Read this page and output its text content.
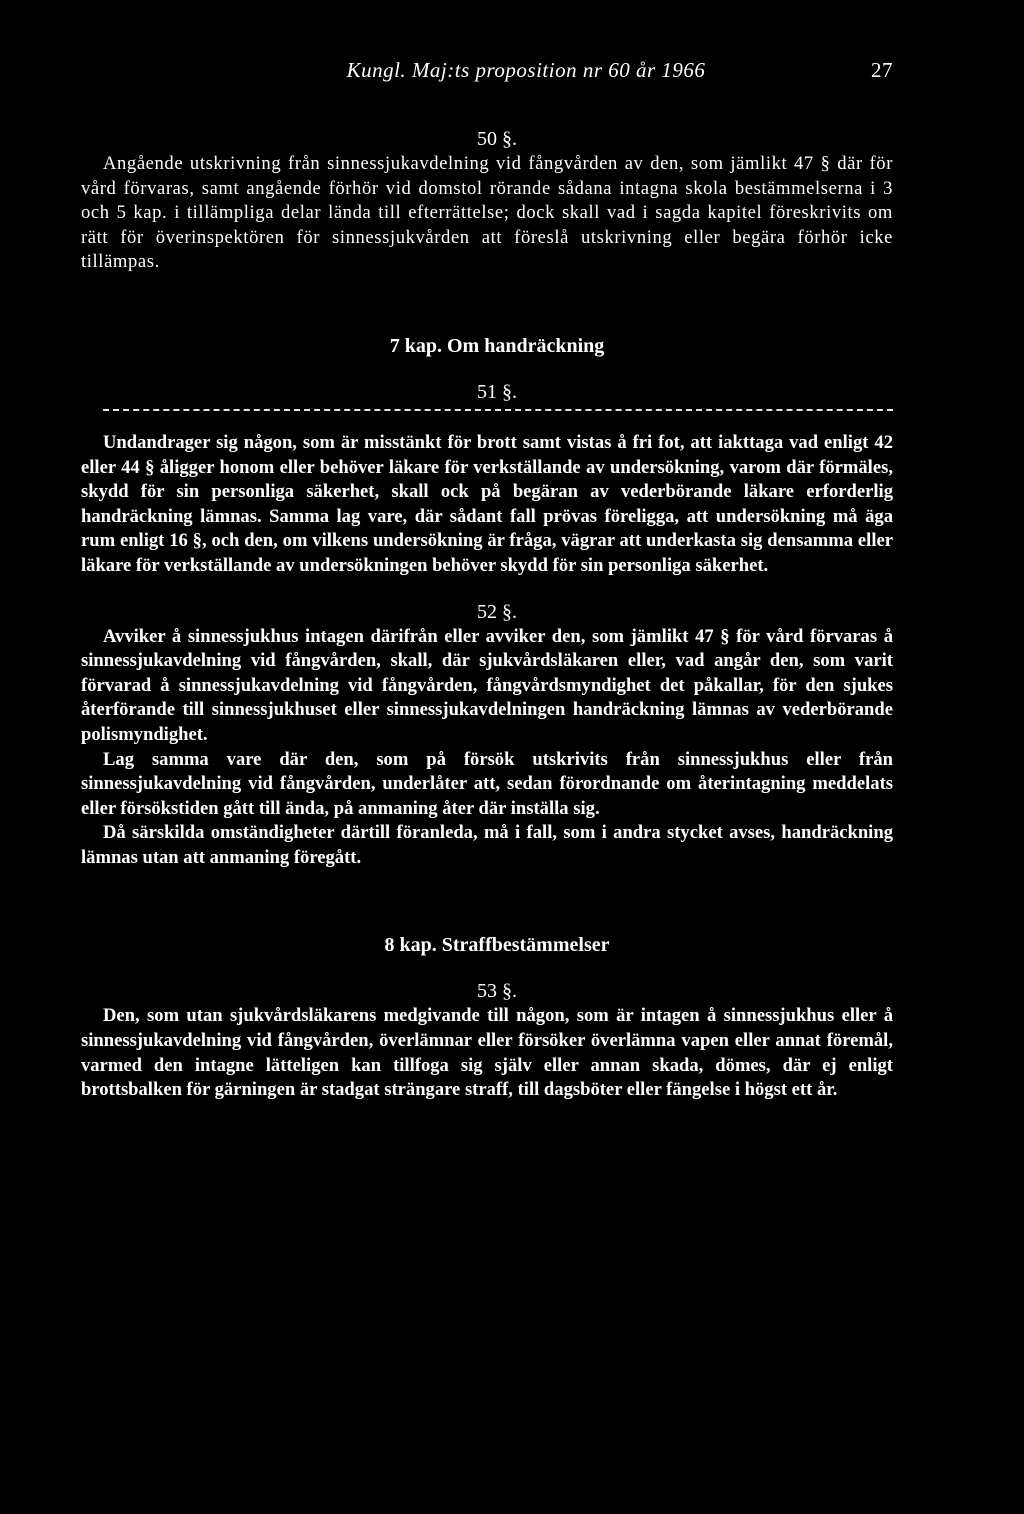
Kungl. Maj:ts proposition nr 60 år 1966	27

50 §.

Angående utskrivning från sinnessjukavdelning vid fångvården av den, som jämlikt 47 § där för vård förvaras, samt angående förhör vid domstol rörande sådana intagna skola bestämmelserna i 3 och 5 kap. i tillämpliga delar lända till efterrättelse; dock skall vad i sagda kapitel föreskrivits om rätt för överinspektören för sinnessjukvården att föreslå utskrivning eller begära förhör icke tillämpas.

7 kap. Om handräckning

51 §.

Undandrager sig någon, som är misstänkt för brott samt vistas å fri fot, att iakttaga vad enligt 42 eller 44 § åligger honom eller behöver läkare för verkställande av undersökning, varom där förmäles, skydd för sin personliga säkerhet, skall ock på begäran av vederbörande läkare erforderlig handräckning lämnas. Samma lag vare, där sådant fall prövas föreligga, att undersökning må äga rum enligt 16 §, och den, om vilkens undersökning är fråga, vägrar att underkasta sig densamma eller läkare för verkställande av undersökningen behöver skydd för sin personliga säkerhet.

52 §.

Avviker å sinnessjukhus intagen därifrån eller avviker den, som jämlikt 47 § för vård förvaras å sinnessjukavdelning vid fångvården, skall, där sjukvårdsläkaren eller, vad angår den, som varit förvarad å sinnessjukavdelning vid fångvården, fångvårdsmyndighet det påkallar, för den sjukes återförande till sinnessjukhuset eller sinnessjukavdelningen handräckning lämnas av vederbörande polismyndighet.

Lag samma vare där den, som på försök utskrivits från sinnessjukhus eller från sinnessjukavdelning vid fångvården, underlåter att, sedan förordnande om återintagning meddelats eller försökstiden gått till ända, på anmaning åter där inställa sig.

Då särskilda omständigheter därtill föranleda, må i fall, som i andra stycket avses, handräckning lämnas utan att anmaning föregått.

8 kap. Straffbestämmelser

53 §.

Den, som utan sjukvårdsläkarens medgivande till någon, som är intagen å sinnessjukhus eller å sinnessjukavdelning vid fångvården, överlämnar eller försöker överlämna vapen eller annat föremål, varmed den intagne lätteligen kan tillfoga sig själv eller annan skada, dömes, där ej enligt brottsbalken för gärningen är stadgat strängare straff, till dagsböter eller fängelse i högst ett år.
